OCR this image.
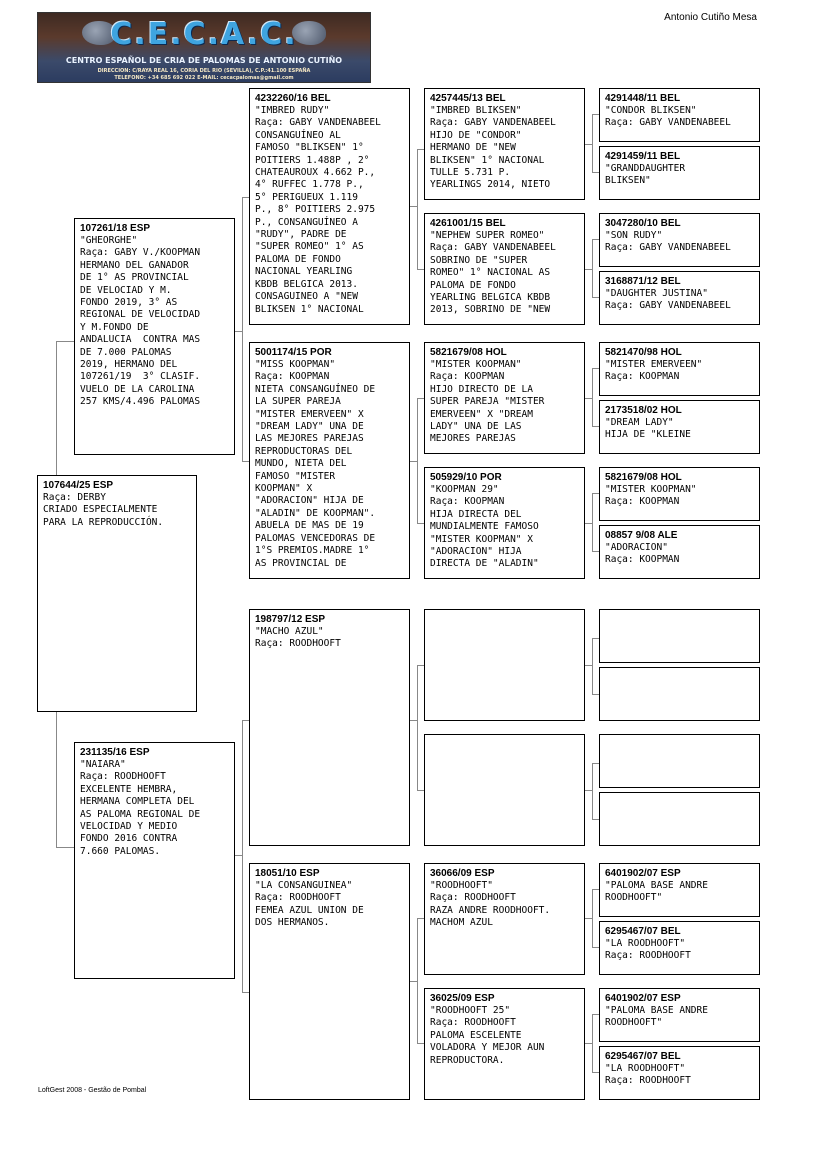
C.E.C.A.C.
CENTRO ESPAÑOL DE CRIA DE PALOMAS DE ANTONIO CUTIÑO
DIRECCION: C/RAYA REAL 16, CORIA DEL RIO (SEVILLA), C.P.:41.100 ESPAÑA
TELEFONO: +34 685 692 022 E-MAIL: cecacpalomas@gmail.com
Antonio Cutiño Mesa
107644/25 ESP
Raça: DERBY
CRIADO ESPECIALMENTE
PARA LA REPRODUCCIÓN.
107261/18 ESP
"GHEORGHE"
Raça: GABY V./KOOPMAN
HERMANO DEL GANADOR
DE 1° AS PROVINCIAL
DE VELOCIAD Y M.
FONDO 2019, 3° AS
REGIONAL DE VELOCIDAD
Y M.FONDO DE
ANDALUCIA  CONTRA MAS
DE 7.000 PALOMAS
2019, HERMANO DEL
107261/19  3° CLASIF.
VUELO DE LA CAROLINA
257 KMS/4.496 PALOMAS
231135/16 ESP
"NAIARA"
Raça: ROODHOOFT
EXCELENTE HEMBRA,
HERMANA COMPLETA DEL
AS PALOMA REGIONAL DE
VELOCIDAD Y MEDIO
FONDO 2016 CONTRA
7.660 PALOMAS.
4232260/16 BEL
"IMBRED RUDY"
Raça: GABY VANDENABEEL
CONSANGUÍNEO AL
FAMOSO "BLIKSEN" 1°
POITIERS 1.488P , 2°
CHATEAUROUX 4.662 P.,
4° RUFFEC 1.778 P.,
5° PERIGUEUX 1.119
P., 8° POITIERS 2.975
P., CONSANGUÍNEO A
"RUDY", PADRE DE
"SUPER ROMEO" 1° AS
PALOMA DE FONDO
NACIONAL YEARLING
KBDB BELGICA 2013.
CONSAGUINEO A "NEW
BLIKSEN 1° NACIONAL
5001174/15 POR
"MISS KOOPMAN"
Raça: KOOPMAN
NIETA CONSANGUÍNEO DE
LA SUPER PAREJA
"MISTER EMERVEEN" X
"DREAM LADY" UNA DE
LAS MEJORES PAREJAS
REPRODUCTORAS DEL
MUNDO, NIETA DEL
FAMOSO "MISTER
KOOPMAN" X
"ADORACION" HIJA DE
"ALADIN" DE KOOPMAN".
ABUELA DE MAS DE 19
PALOMAS VENCEDORAS DE
1°S PREMIOS.MADRE 1°
AS PROVINCIAL DE
198797/12 ESP
"MACHO AZUL"
Raça: ROODHOOFT
18051/10 ESP
"LA CONSANGUINEA"
Raça: ROODHOOFT
FEMEA AZUL UNION DE
DOS HERMANOS.
4257445/13 BEL
"IMBRED BLIKSEN"
Raça: GABY VANDENABEEL
HIJO DE "CONDOR"
HERMANO DE "NEW
BLIKSEN" 1° NACIONAL
TULLE 5.731 P.
YEARLINGS 2014, NIETO
4261001/15 BEL
"NEPHEW SUPER ROMEO"
Raça: GABY VANDENABEEL
SOBRINO DE "SUPER
ROMEO" 1° NACIONAL AS
PALOMA DE FONDO
YEARLING BELGICA KBDB
2013, SOBRINO DE "NEW
5821679/08 HOL
"MISTER KOOPMAN"
Raça: KOOPMAN
HIJO DIRECTO DE LA
SUPER PAREJA "MISTER
EMERVEEN" X "DREAM
LADY" UNA DE LAS
MEJORES PAREJAS
505929/10 POR
"KOOPMAN 29"
Raça: KOOPMAN
HIJA DIRECTA DEL
MUNDIALMENTE FAMOSO
"MISTER KOOPMAN" X
"ADORACION" HIJA
DIRECTA DE "ALADIN"
36066/09 ESP
"ROODHOOFT"
Raça: ROODHOOFT
RAZA ANDRE ROODHOOFT.
MACHOM AZUL
36025/09 ESP
"ROODHOOFT 25"
Raça: ROODHOOFT
PALOMA ESCELENTE
VOLADORA Y MEJOR AUN
REPRODUCTORA.
4291448/11 BEL
"CONDOR BLIKSEN"
Raça: GABY VANDENABEEL
4291459/11 BEL
"GRANDDAUGHTER
BLIKSEN"
3047280/10 BEL
"SON RUDY"
Raça: GABY VANDENABEEL
3168871/12 BEL
"DAUGHTER JUSTINA"
Raça: GABY VANDENABEEL
5821470/98 HOL
"MISTER EMERVEEN"
Raça: KOOPMAN
2173518/02 HOL
"DREAM LADY"
HIJA DE "KLEINE
5821679/08 HOL
"MISTER KOOPMAN"
Raça: KOOPMAN
08857 9/08 ALE
"ADORACION"
Raça: KOOPMAN
6401902/07 ESP
"PALOMA BASE ANDRE
ROODHOOFT"
6295467/07 BEL
"LA ROODHOOFT"
Raça: ROODHOOFT
6401902/07 ESP
"PALOMA BASE ANDRE
ROODHOOFT"
6295467/07 BEL
"LA ROODHOOFT"
Raça: ROODHOOFT
LoftGest 2008 - Gestão de Pombal
